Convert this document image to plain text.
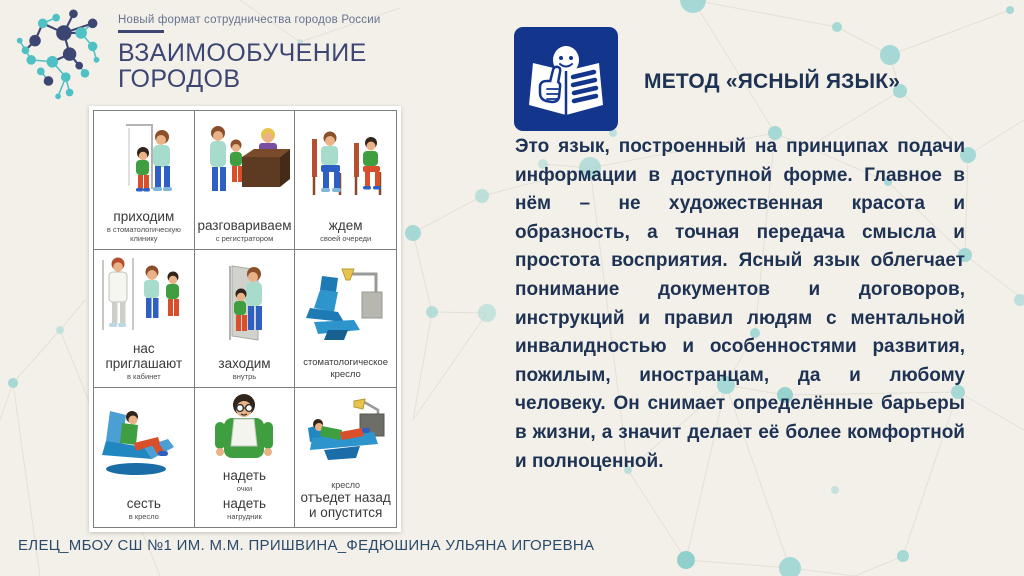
Новый формат сотрудничества городов России
ВЗАИМООБУЧЕНИЕ
ГОРОДОВ
приходим
в стоматологическую клинику
разговариваем
с регистратором
ждем
своей очереди
нас приглашают
в кабинет
заходим
внутрь
стоматологическое кресло
сесть
в кресло
надеть
очки
надеть
нагрудник
кресло
отъедет назад и опустится
МЕТОД «ЯСНЫЙ ЯЗЫК»

Это язык, построенный на принципах подачи информации в доступной форме. Главное в нём – не художественная красота и образность, а точная передача смысла и простота восприятия. Ясный язык облегчает понимание документов и договоров, инструкций и правил людям с ментальной инвалидностью и особенностями развития, пожилым, иностранцам, да и любому человеку. Он снимает определённые барьеры в жизни, а значит делает её более комфортной и полноценной.

ЕЛЕЦ_МБОУ СШ №1 ИМ. М.М. ПРИШВИНА_ФЕДЮШИНА УЛЬЯНА ИГОРЕВНА
